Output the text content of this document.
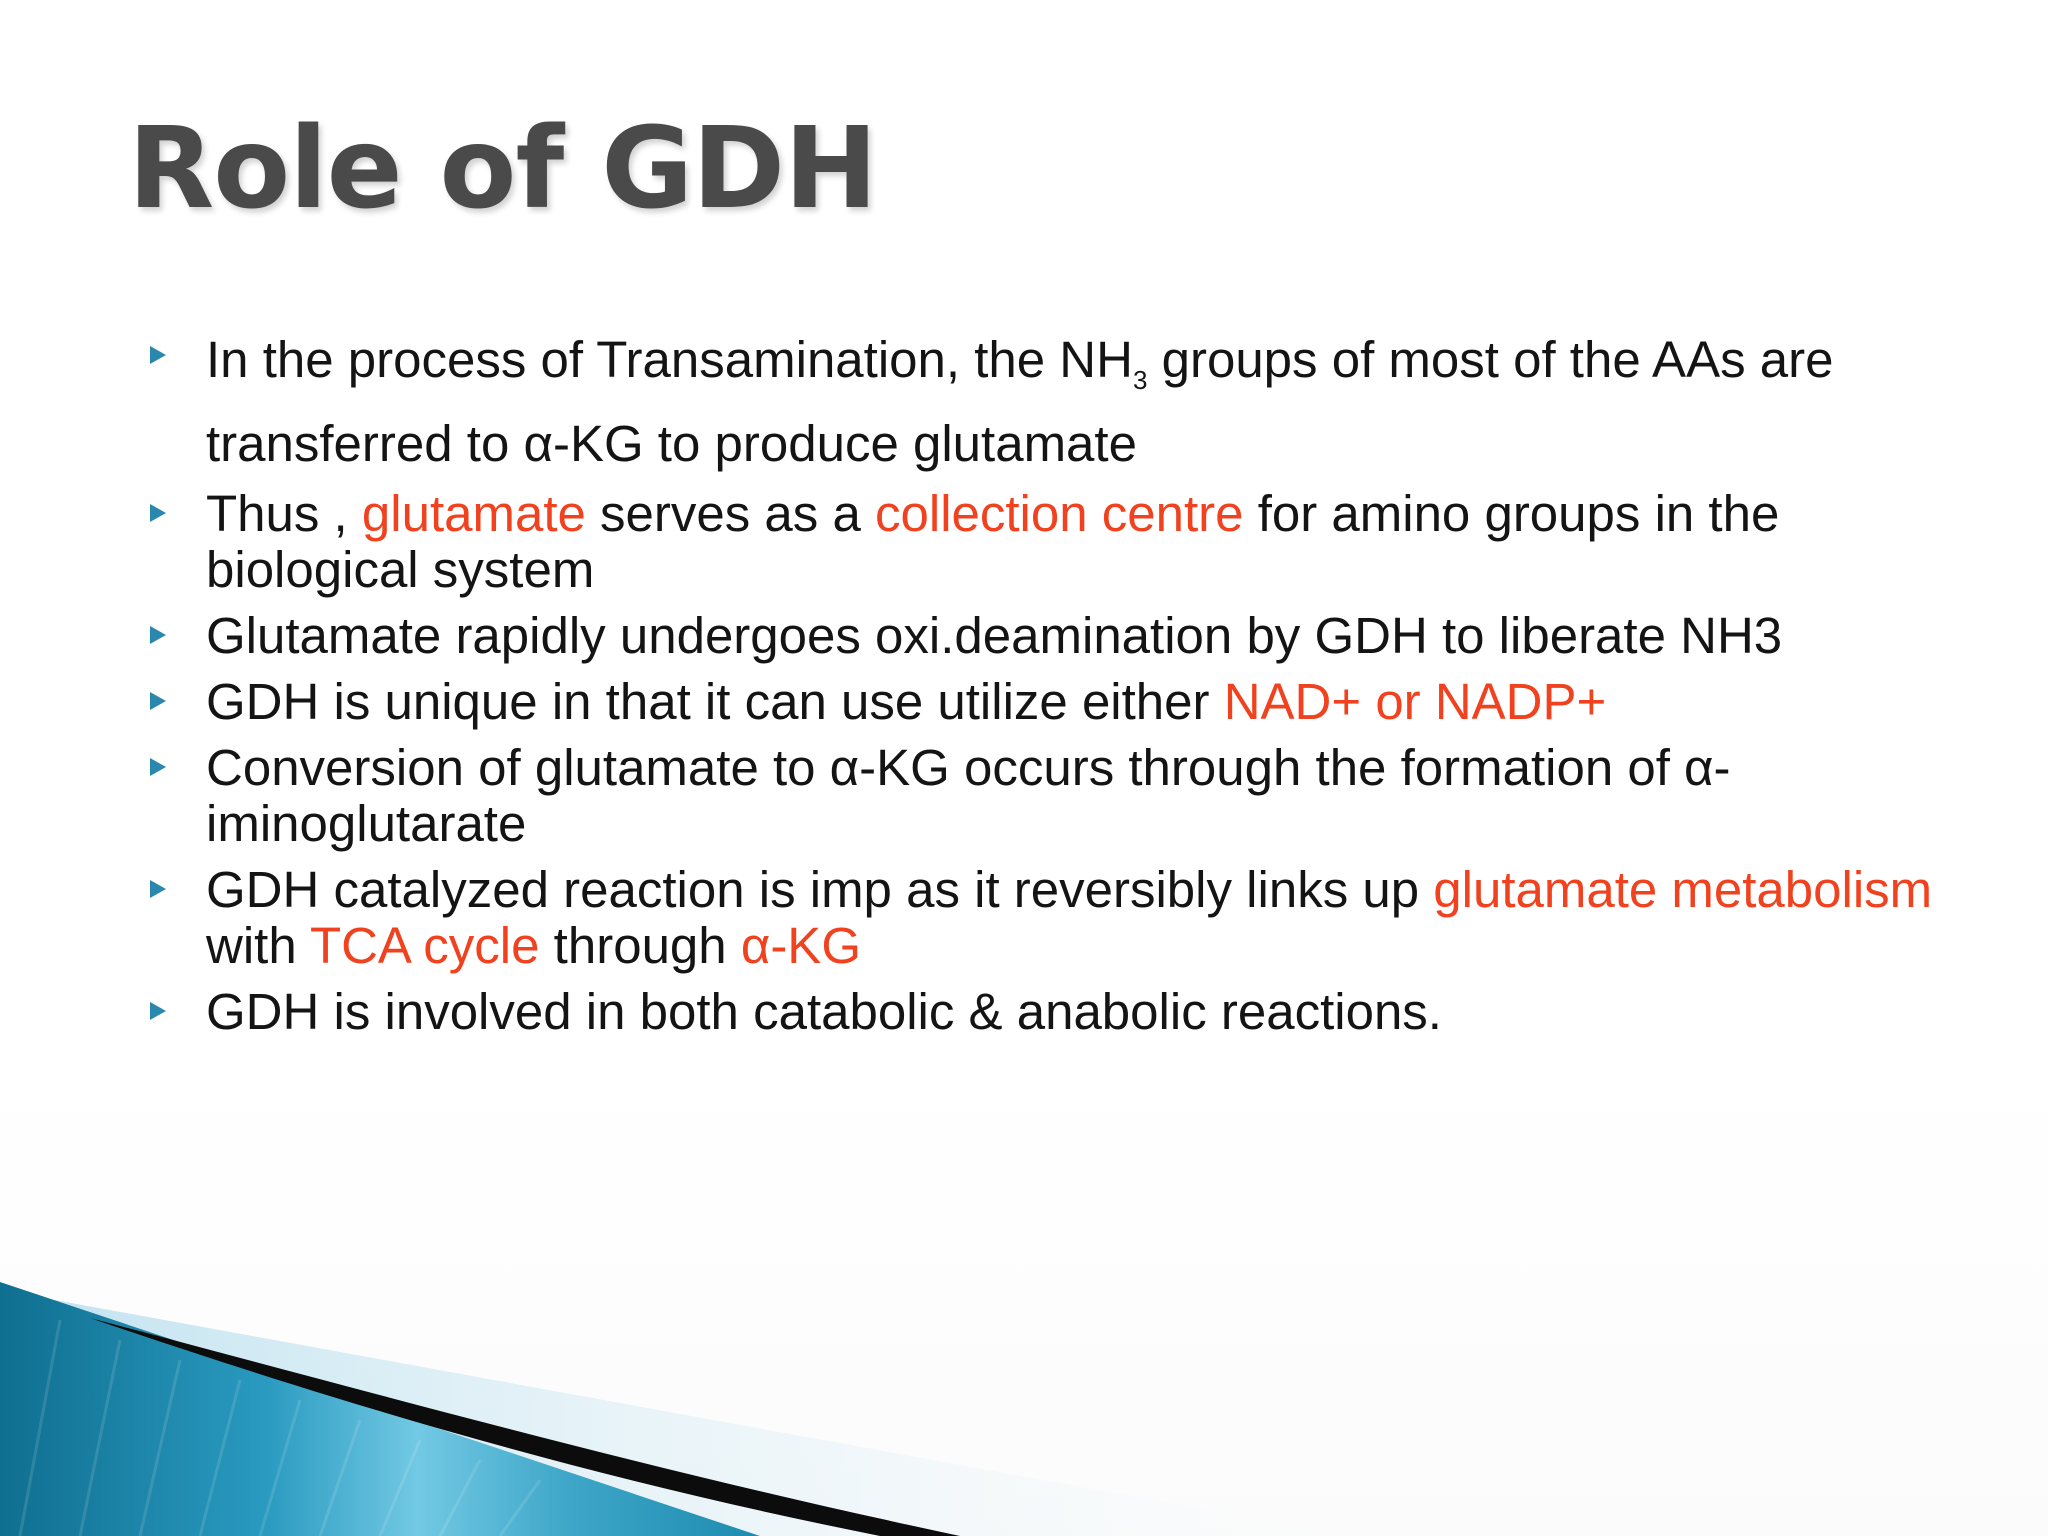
Role of GDH
In the process of Transamination, the $NH_3$ groups of most of the AAs are transferred to α-KG to produce glutamate
Thus , glutamate serves as a collection centre for amino groups in the biological system
Glutamate rapidly undergoes oxi.deamination by GDH to liberate NH3
GDH is unique in that it can use utilize either NAD+ or NADP+
Conversion of glutamate to α-KG occurs through the formation of α-iminoglutarate
GDH catalyzed reaction is imp as it reversibly links up glutamate metabolism with TCA cycle through α-KG
GDH is involved in both catabolic & anabolic reactions.
